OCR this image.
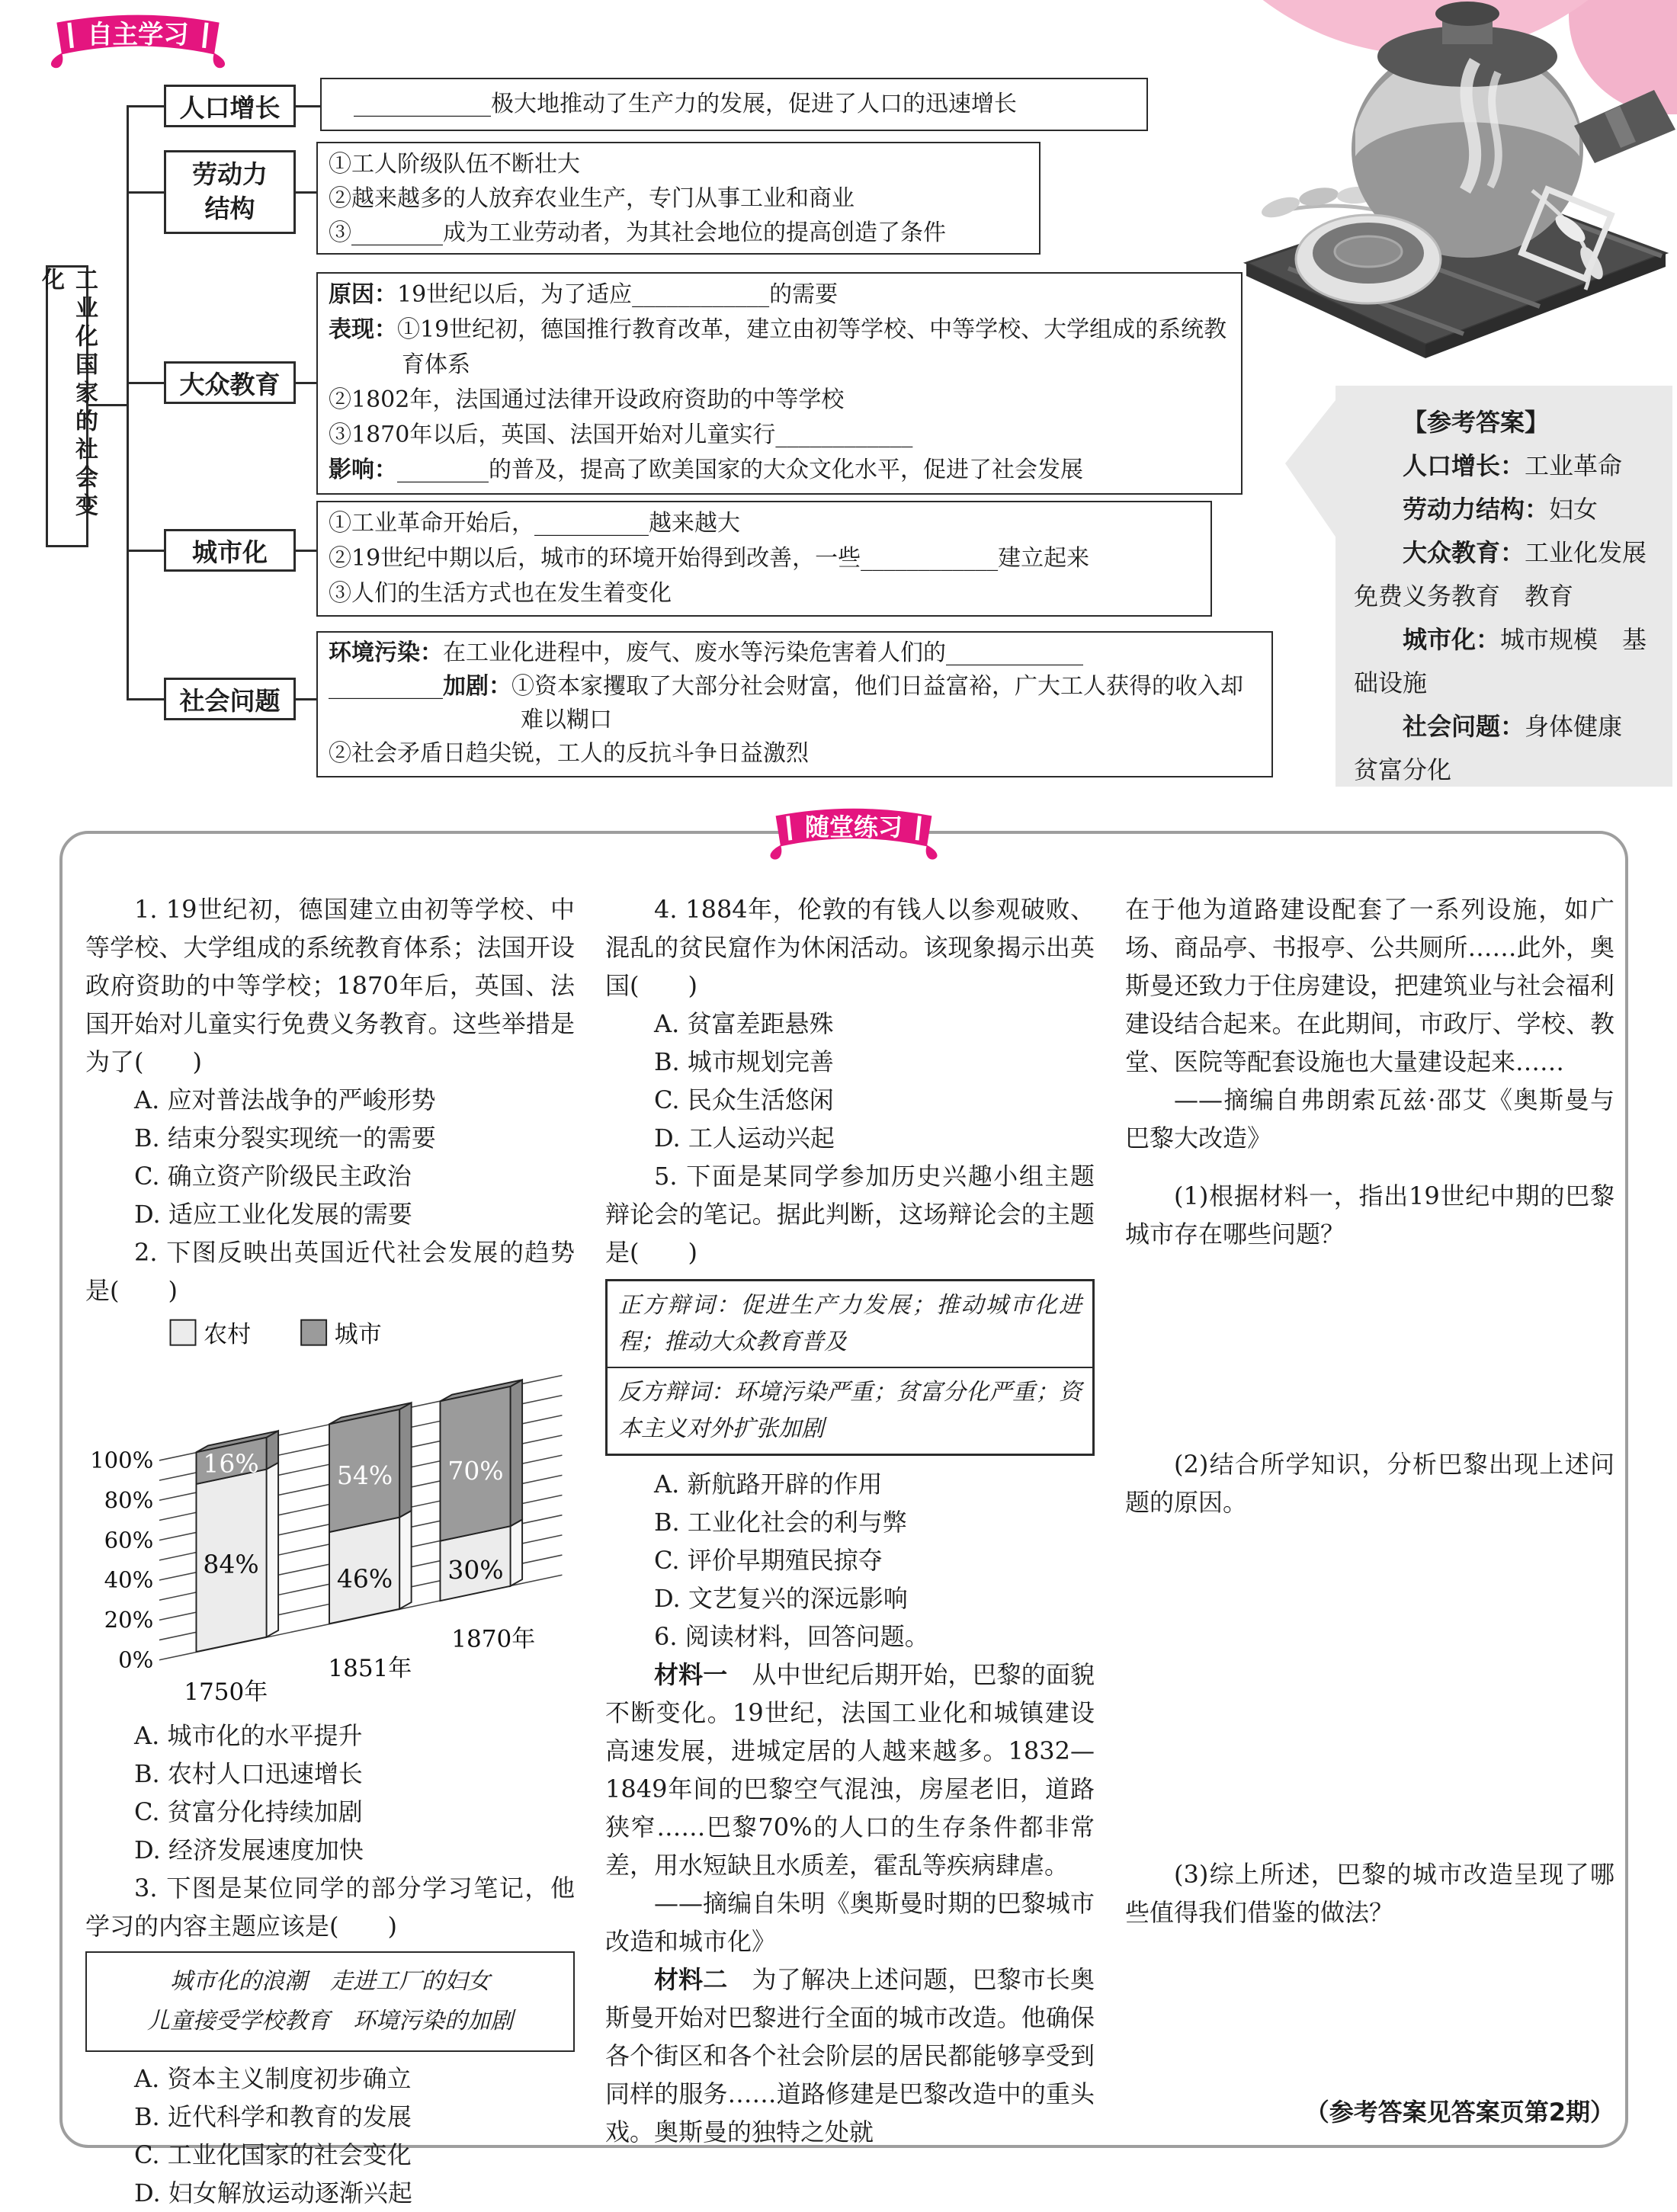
自主学习
工业化国家的社会变化
人口增长
劳动力结构
大众教育
城市化
社会问题

____________极大地推动了生产力的发展，促进了人口的迅速增长

①工人阶级队伍不断壮大

②越来越多的人放弃农业生产，专门从事工业和商业

③________成为工业劳动者，为其社会地位的提高创造了条件

原因：19世纪以后，为了适应____________的需要

表现：①19世纪初，德国推行教育改革，建立由初等学校、中等学校、大学组成的系统教育体系

②1802年，法国通过法律开设政府资助的中等学校

③1870年以后，英国、法国开始对儿童实行____________

影响：________的普及，提高了欧美国家的大众文化水平，促进了社会发展

①工业革命开始后，__________越来越大

②19世纪中期以后，城市的环境开始得到改善，一些____________建立起来

③人们的生活方式也在发生着变化

环境污染：在工业化进程中，废气、废水等污染危害着人们的____________

__________加剧：①资本家攫取了大部分社会财富，他们日益富裕，广大工人获得的收入却难以糊口

②社会矛盾日趋尖锐，工人的反抗斗争日益激烈

【参考答案】

人口增长：工业革命

劳动力结构：妇女

大众教育：工业化发展　免费义务教育　教育

城市化：城市规模　基础设施

社会问题：身体健康　贫富分化

随堂练习

1. 19世纪初，德国建立由初等学校、中等学校、大学组成的系统教育体系；法国开设政府资助的中等学校；1870年后，英国、法国开始对儿童实行免费义务教育。这些举措是为了(　　)

A. 应对普法战争的严峻形势

B. 结束分裂实现统一的需要

C. 确立资产阶级民主政治

D. 适应工业化发展的需要

2. 下图反映出英国近代社会发展的趋势是(　　)

农村	城市
0%
20%
40%
60%
80%
100%
84%
16%
46%
54%
30%
70%
1750年
1851年
1870年

A. 城市化的水平提升

B. 农村人口迅速增长

C. 贫富分化持续加剧

D. 经济发展速度加快

3. 下图是某位同学的部分学习笔记，他学习的内容主题应该是(　　)

城市化的浪潮　走进工厂的妇女

儿童接受学校教育　环境污染的加剧

A. 资本主义制度初步确立

B. 近代科学和教育的发展

C. 工业化国家的社会变化

D. 妇女解放运动逐渐兴起

4. 1884年，伦敦的有钱人以参观破败、混乱的贫民窟作为休闲活动。该现象揭示出英国(　　)

A. 贫富差距悬殊

B. 城市规划完善

C. 民众生活悠闲

D. 工人运动兴起

5. 下面是某同学参加历史兴趣小组主题辩论会的笔记。据此判断，这场辩论会的主题是(　　)

正方辩词：促进生产力发展；推动城市化进程；推动大众教育普及
反方辩词：环境污染严重；贫富分化严重；资本主义对外扩张加剧

A. 新航路开辟的作用

B. 工业化社会的利与弊

C. 评价早期殖民掠夺

D. 文艺复兴的深远影响

6. 阅读材料，回答问题。

材料一　 从中世纪后期开始，巴黎的面貌不断变化。19世纪，法国工业化和城镇建设高速发展，进城定居的人越来越多。1832—1849年间的巴黎空气混浊，房屋老旧，道路狭窄……巴黎70%的人口的生存条件都非常差，用水短缺且水质差，霍乱等疾病肆虐。

——摘编自朱明《奥斯曼时期的巴黎城市改造和城市化》

材料二　 为了解决上述问题，巴黎市长奥斯曼开始对巴黎进行全面的城市改造。他确保各个街区和各个社会阶层的居民都能够享受到同样的服务……道路修建是巴黎改造中的重头戏。奥斯曼的独特之处就

在于他为道路建设配套了一系列设施，如广场、商品亭、书报亭、公共厕所……此外，奥斯曼还致力于住房建设，把建筑业与社会福利建设结合起来。在此期间，市政厅、学校、教堂、医院等配套设施也大量建设起来……

——摘编自弗朗索瓦兹·邵艾《奥斯曼与巴黎大改造》

(1)根据材料一，指出19世纪中期的巴黎城市存在哪些问题？

(2)结合所学知识，分析巴黎出现上述问题的原因。

(3)综上所述，巴黎的城市改造呈现了哪些值得我们借鉴的做法？

（参考答案见答案页第2期）
